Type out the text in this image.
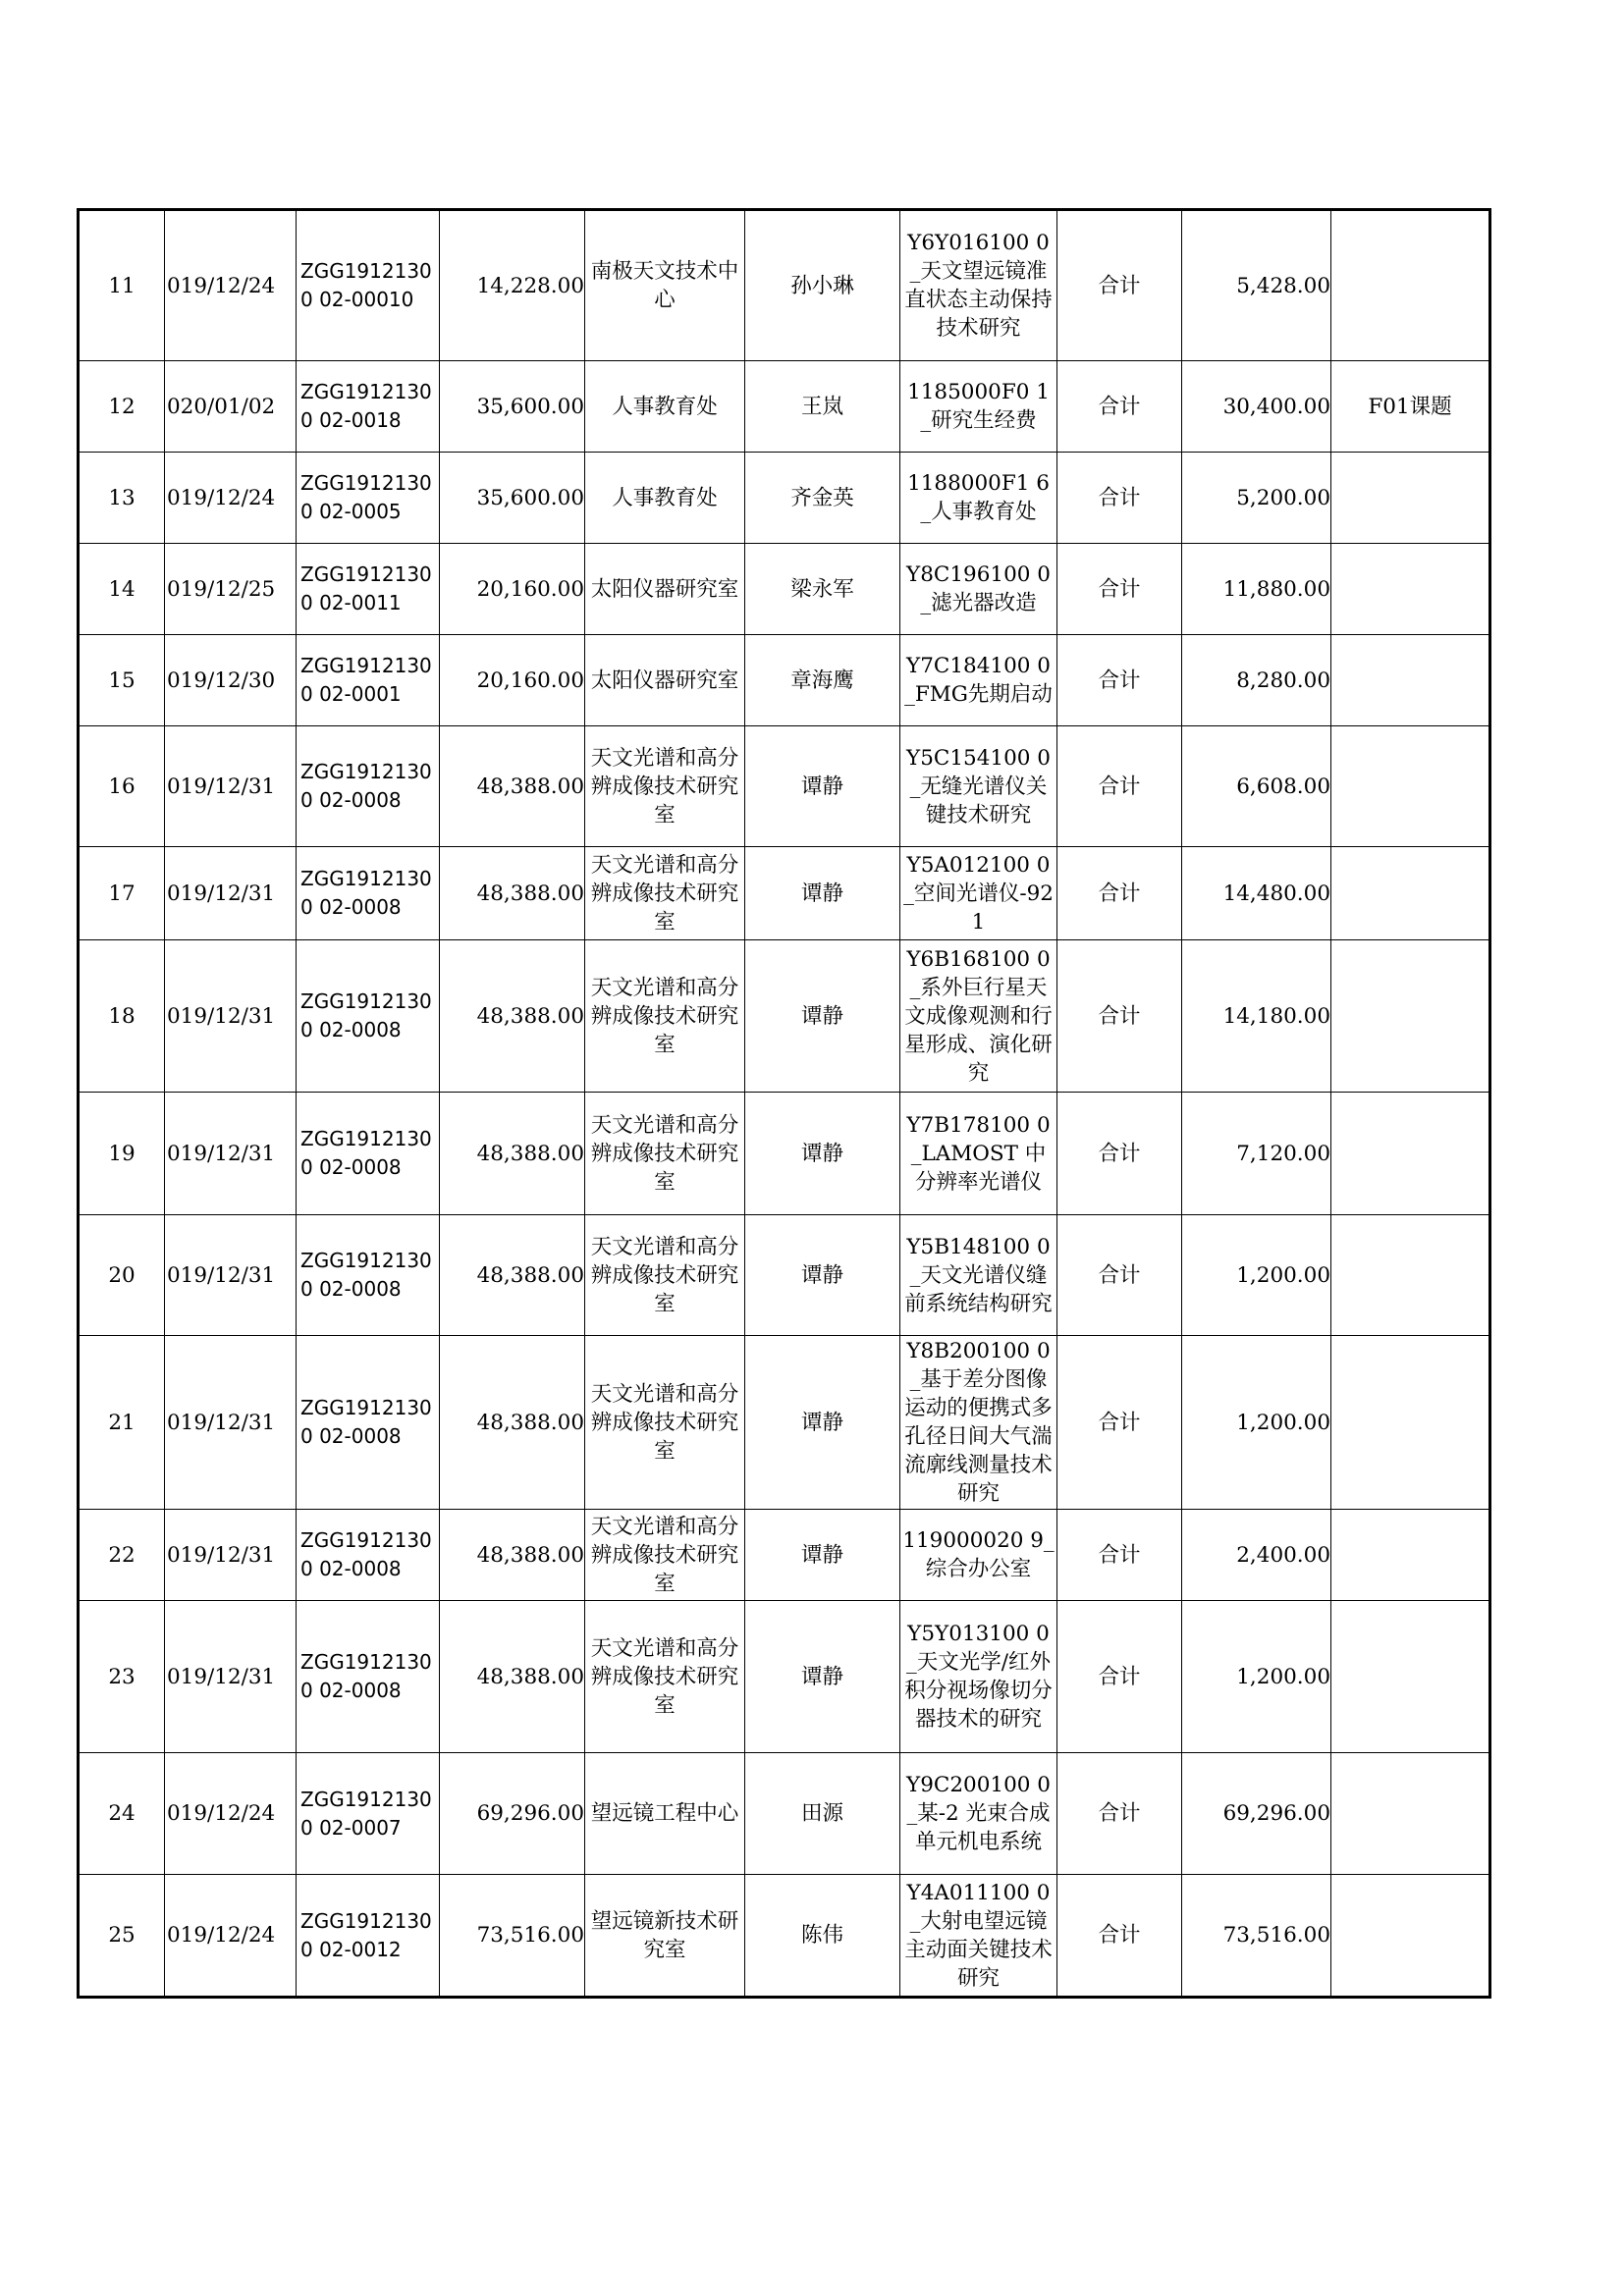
11	019/12/24	ZGG19121300 02-00010	14,228.00	南极天文技术中心	孙小琳	Y6Y016100 0_天文望远镜准直状态主动保持技术研究	合计	5,428.00	
12	020/01/02	ZGG19121300 02-0018	35,600.00	人事教育处	王岚	1185000F0 1_研究生经费	合计	30,400.00	F01课题
13	019/12/24	ZGG19121300 02-0005	35,600.00	人事教育处	齐金英	1188000F1 6_人事教育处	合计	5,200.00	
14	019/12/25	ZGG19121300 02-0011	20,160.00	太阳仪器研究室	梁永军	Y8C196100 0_滤光器改造	合计	11,880.00	
15	019/12/30	ZGG19121300 02-0001	20,160.00	太阳仪器研究室	章海鹰	Y7C184100 0_FMG先期启动	合计	8,280.00	
16	019/12/31	ZGG19121300 02-0008	48,388.00	天文光谱和高分辨成像技术研究室	谭静	Y5C154100 0_无缝光谱仪关键技术研究	合计	6,608.00	
17	019/12/31	ZGG19121300 02-0008	48,388.00	天文光谱和高分辨成像技术研究室	谭静	Y5A012100 0_空间光谱仪-921	合计	14,480.00	
18	019/12/31	ZGG19121300 02-0008	48,388.00	天文光谱和高分辨成像技术研究室	谭静	Y6B168100 0_系外巨行星天文成像观测和行星形成、演化研究	合计	14,180.00	
19	019/12/31	ZGG19121300 02-0008	48,388.00	天文光谱和高分辨成像技术研究室	谭静	Y7B178100 0_LAMOST 中分辨率光谱仪	合计	7,120.00	
20	019/12/31	ZGG19121300 02-0008	48,388.00	天文光谱和高分辨成像技术研究室	谭静	Y5B148100 0_天文光谱仪缝前系统结构研究	合计	1,200.00	
21	019/12/31	ZGG19121300 02-0008	48,388.00	天文光谱和高分辨成像技术研究室	谭静	Y8B200100 0_基于差分图像运动的便携式多孔径日间大气湍流廓线测量技术研究	合计	1,200.00	
22	019/12/31	ZGG19121300 02-0008	48,388.00	天文光谱和高分辨成像技术研究室	谭静	119000020 9_综合办公室	合计	2,400.00	
23	019/12/31	ZGG19121300 02-0008	48,388.00	天文光谱和高分辨成像技术研究室	谭静	Y5Y013100 0_天文光学/红外积分视场像切分器技术的研究	合计	1,200.00	
24	019/12/24	ZGG19121300 02-0007	69,296.00	望远镜工程中心	田源	Y9C200100 0_某-2 光束合成单元机电系统	合计	69,296.00	
25	019/12/24	ZGG19121300 02-0012	73,516.00	望远镜新技术研究室	陈伟	Y4A011100 0_大射电望远镜主动面关键技术研究	合计	73,516.00	
